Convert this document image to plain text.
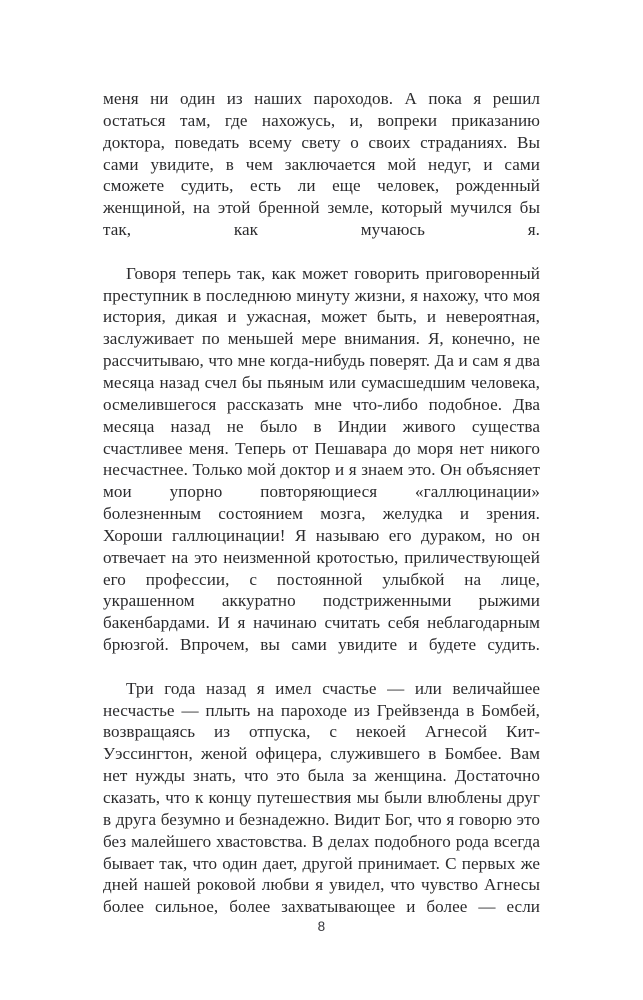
меня ни один из наших пароходов. А пока я решил остаться там, где нахожусь, и, вопреки приказанию доктора, поведать всему свету о своих страданиях. Вы сами увидите, в чем заключается мой недуг, и сами сможете судить, есть ли еще человек, рожденный женщиной, на этой бренной земле, который мучился бы так, как мучаюсь я.

Говоря теперь так, как может говорить приговоренный преступник в последнюю минуту жизни, я нахожу, что моя история, дикая и ужасная, может быть, и невероятная, заслуживает по меньшей мере внимания. Я, конечно, не рассчитываю, что мне когда-нибудь поверят. Да и сам я два месяца назад счел бы пьяным или сумасшедшим человека, осмелившегося рассказать мне что-либо подобное. Два месяца назад не было в Индии живого существа счастливее меня. Теперь от Пешавара до моря нет никого несчастнее. Только мой доктор и я знаем это. Он объясняет мои упорно повторяющиеся «галлюцинации» болезненным состоянием мозга, желудка и зрения. Хороши галлюцинации! Я называю его дураком, но он отвечает на это неизменной кротостью, приличествующей его профессии, с постоянной улыбкой на лице, украшенном аккуратно подстриженными рыжими бакенбардами. И я начинаю считать себя неблагодарным брюзгой. Впрочем, вы сами увидите и будете судить.

Три года назад я имел счастье — или величайшее несчастье — плыть на пароходе из Грейвзенда в Бомбей, возвращаясь из отпуска, с некоей Агнесой Кит-Уэссингтон, женой офицера, служившего в Бомбее. Вам нет нужды знать, что это была за женщина. Достаточно сказать, что к концу путешествия мы были влюблены друг в друга безумно и безнадежно. Видит Бог, что я говорю это без малейшего хвастовства. В делах подобного рода всегда бывает так, что один дает, другой принимает. С первых же дней нашей роковой любви я увидел, что чувство Агнесы более сильное, более захватывающее и более — если

8
